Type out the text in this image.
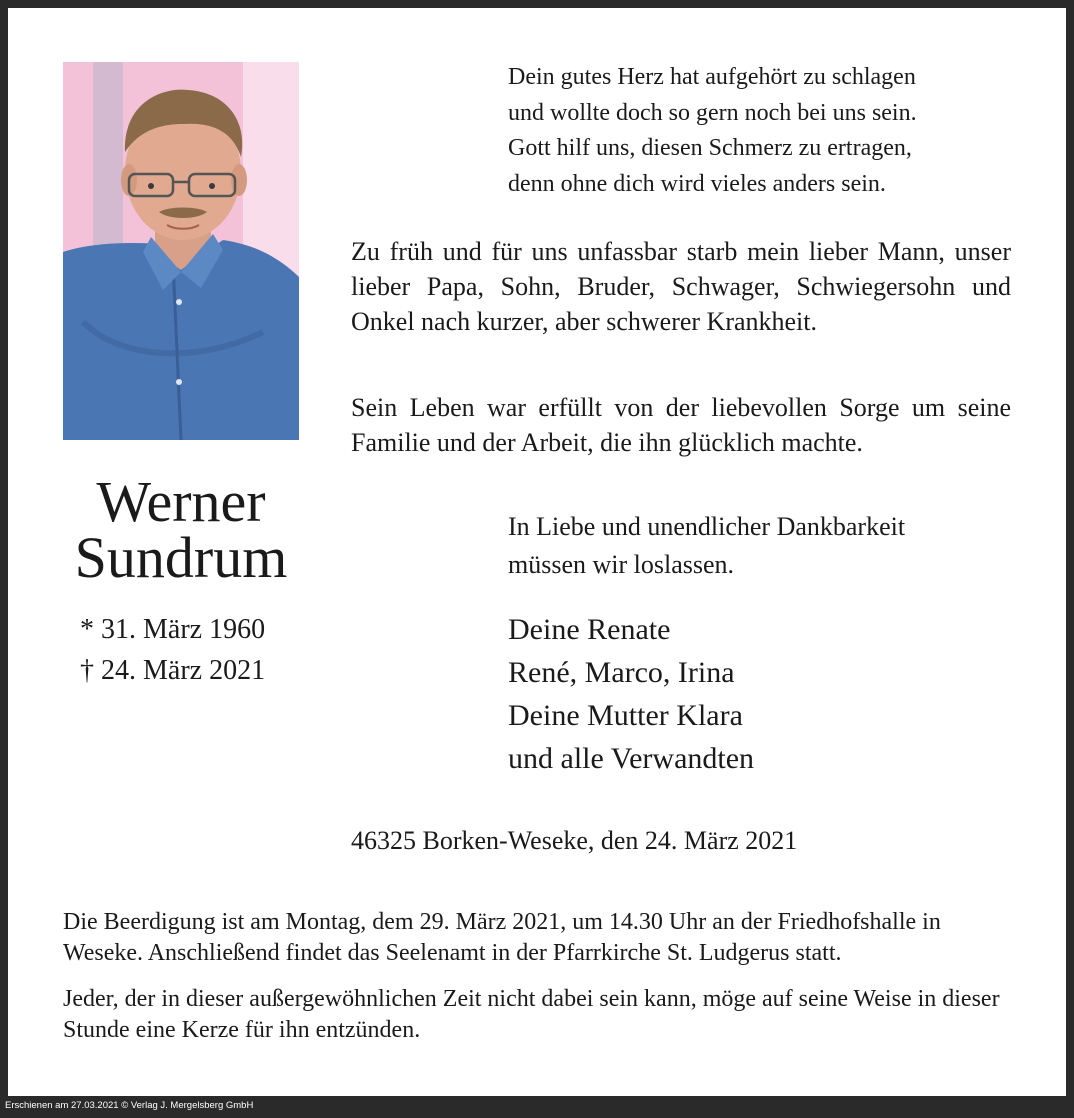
Dein gutes Herz hat aufgehört zu schlagen
und wollte doch so gern noch bei uns sein.
Gott hilf uns, diesen Schmerz zu ertragen,
denn ohne dich wird vieles anders sein.

Zu früh und für uns unfassbar starb mein lieber Mann, unser lieber Papa, Sohn, Bruder, Schwager, Schwiegersohn und Onkel nach kurzer, aber schwerer Krankheit.

Sein Leben war erfüllt von der liebevollen Sorge um seine Familie und der Arbeit, die ihn glücklich machte.

Werner
Sundrum
* 31. März 1960
† 24. März 2021
In Liebe und unendlicher Dankbarkeit
müssen wir loslassen.
Deine Renate
René, Marco, Irina
Deine Mutter Klara
und alle Verwandten
46325 Borken-Weseke, den 24. März 2021

Die Beerdigung ist am Montag, dem 29. März 2021, um 14.30 Uhr an der Friedhofshalle in Weseke. Anschließend findet das Seelenamt in der Pfarrkirche St. Ludgerus statt.

Jeder, der in dieser außergewöhnlichen Zeit nicht dabei sein kann, möge auf seine Weise in dieser Stunde eine Kerze für ihn entzünden.

Erschienen am 27.03.2021 © Verlag J. Mergelsberg GmbH
